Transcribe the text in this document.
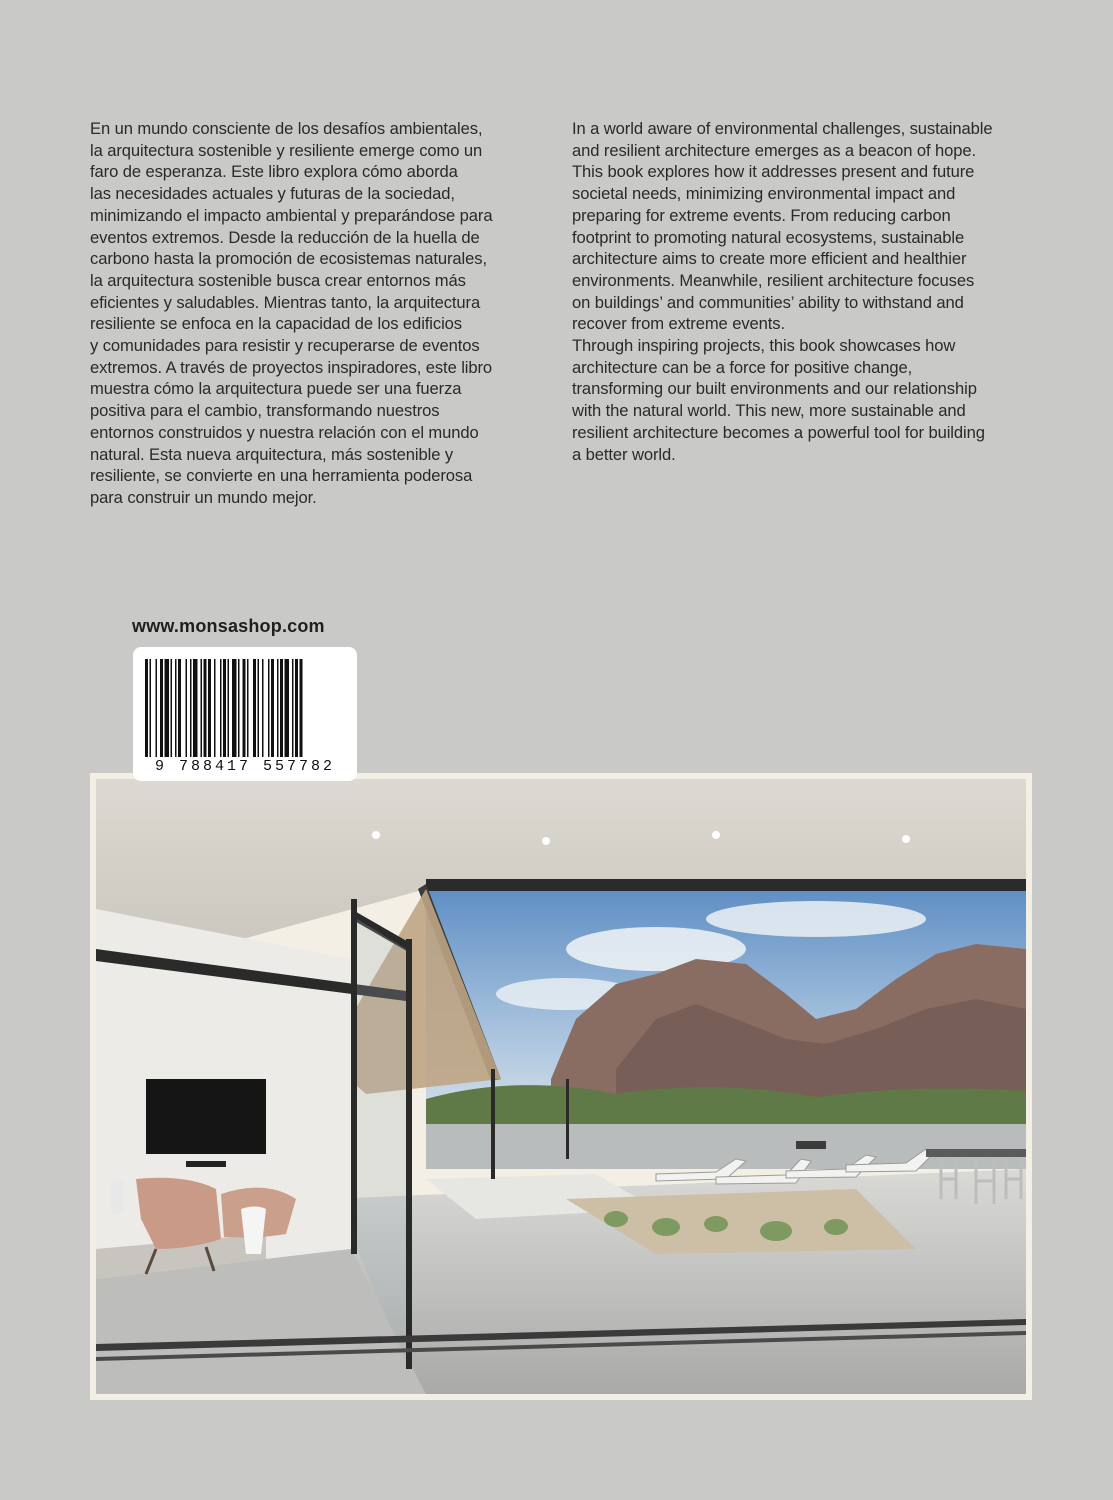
En un mundo consciente de los desafíos ambientales,
la arquitectura sostenible y resiliente emerge como un
faro de esperanza. Este libro explora cómo aborda
las necesidades actuales y futuras de la sociedad,
minimizando el impacto ambiental y preparándose para
eventos extremos. Desde la reducción de la huella de
carbono hasta la promoción de ecosistemas naturales,
la arquitectura sostenible busca crear entornos más
eficientes y saludables. Mientras tanto, la arquitectura
resiliente se enfoca en la capacidad de los edificios
y comunidades para resistir y recuperarse de eventos
extremos. A través de proyectos inspiradores, este libro
muestra cómo la arquitectura puede ser una fuerza
positiva para el cambio, transformando nuestros
entornos construidos y nuestra relación con el mundo
natural. Esta nueva arquitectura, más sostenible y
resiliente, se convierte en una herramienta poderosa
para construir un mundo mejor.

In a world aware of environmental challenges, sustainable
and resilient architecture emerges as a beacon of hope.
This book explores how it addresses present and future
societal needs, minimizing environmental impact and
preparing for extreme events. From reducing carbon
footprint to promoting natural ecosystems, sustainable
architecture aims to create more efficient and healthier
environments. Meanwhile, resilient architecture focuses
on buildings’ and communities’ ability to withstand and
recover from extreme events.
Through inspiring projects, this book showcases how
architecture can be a force for positive change,
transforming our built environments and our relationship
with the natural world. This new, more sustainable and
resilient architecture becomes a powerful tool for building
a better world.

www.monsashop.com

9 788417 557782
